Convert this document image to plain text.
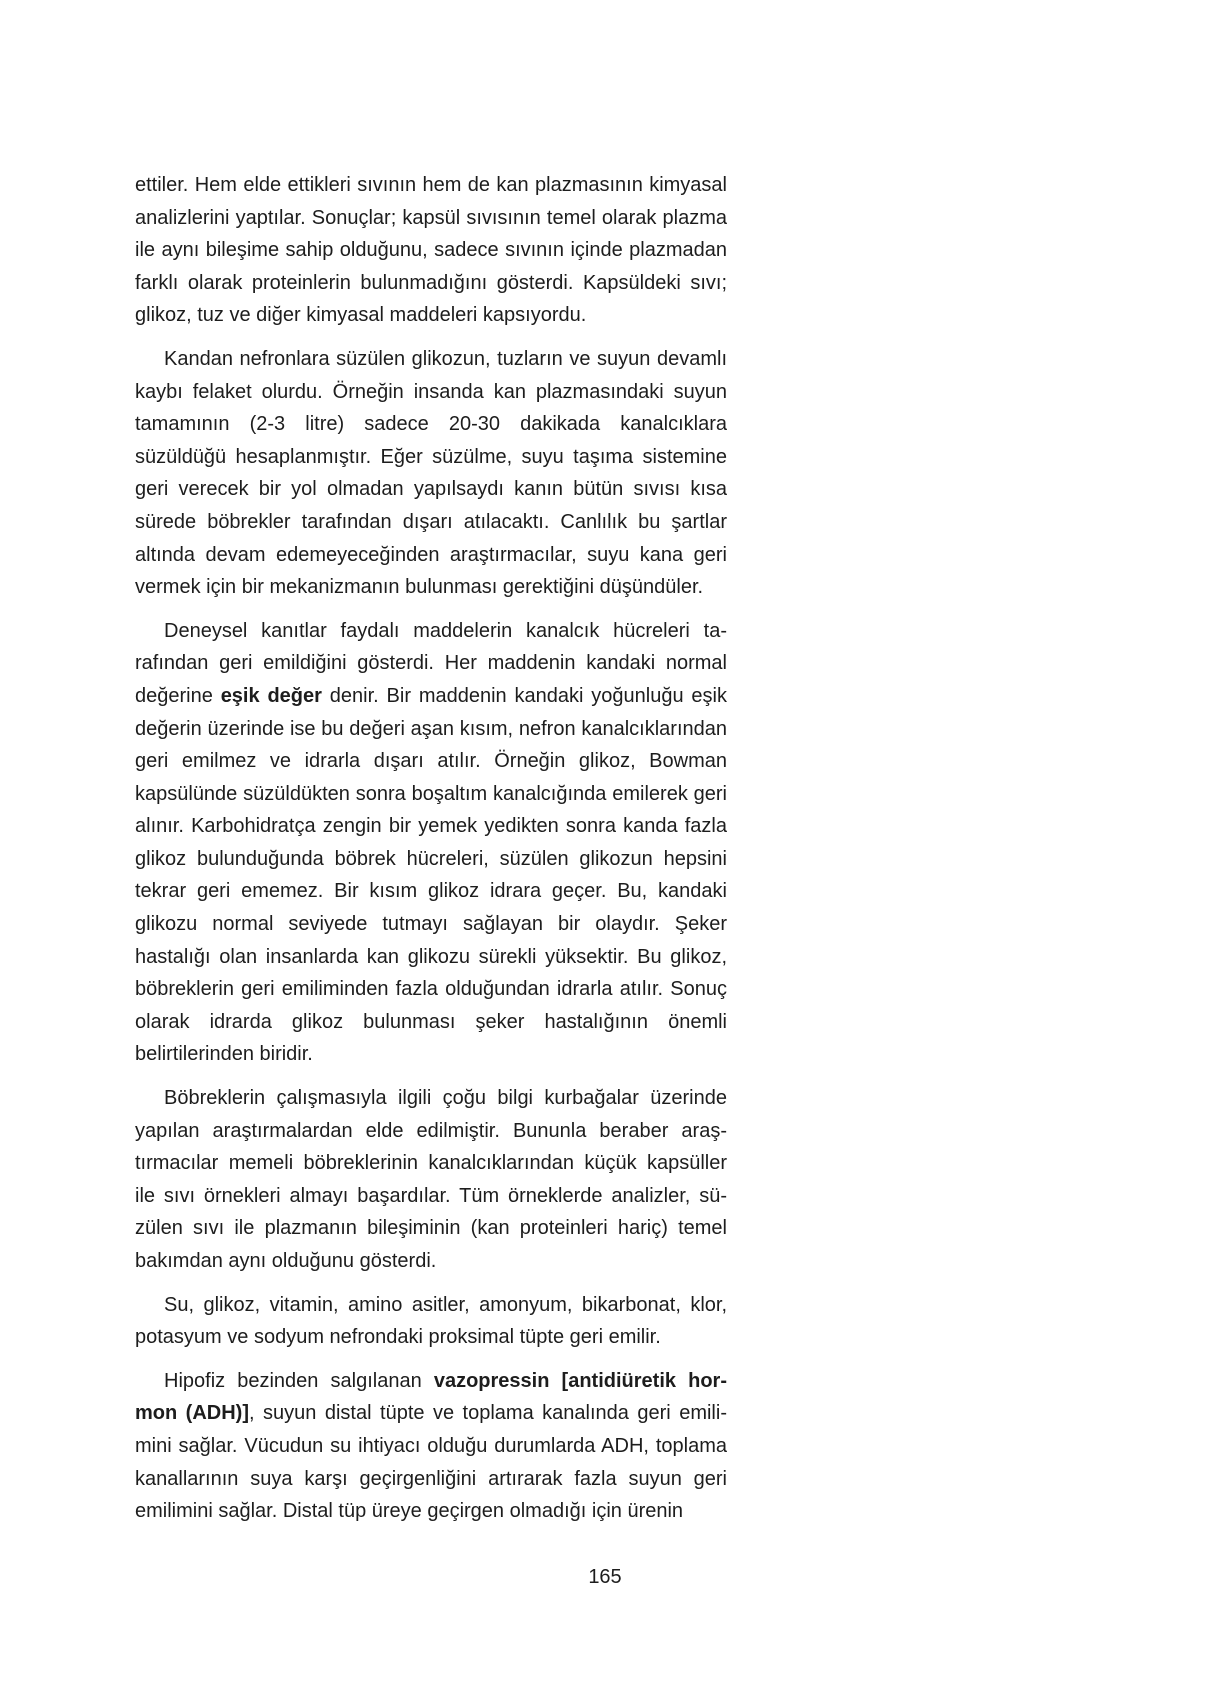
ettiler. Hem elde ettikleri sıvının hem de kan plazmasının kimyasal analizlerini yaptılar. Sonuçlar; kapsül sıvısının temel olarak plazma ile aynı bileşime sahip olduğunu, sadece sıvının içinde plazmadan farklı olarak proteinlerin bulunmadığını gösterdi. Kapsüldeki sıvı; glikoz, tuz ve diğer kimyasal maddeleri kapsıyordu.

Kandan nefronlara süzülen glikozun, tuzların ve suyun devamlı kaybı felaket olurdu. Örneğin insanda kan plazmasındaki suyun tamamının (2-3 litre) sadece 20-30 dakikada kanalcıklara süzüldüğü hesaplanmıştır. Eğer süzülme, suyu taşıma sistemine geri verecek bir yol olmadan yapılsaydı kanın bütün sıvısı kısa sürede böbrekler tarafından dışarı atılacaktı. Canlılık bu şartlar altında devam edemeyeceğinden araştırmacılar, suyu kana geri vermek için bir mekanizmanın bulunması gerektiğini düşündüler.

Deneysel kanıtlar faydalı maddelerin kanalcık hücreleri tarafından geri emildiğini gösterdi. Her maddenin kandaki normal değerine eşik değer denir. Bir maddenin kandaki yoğunluğu eşik değerin üzerinde ise bu değeri aşan kısım, nefron kanalcıklarından geri emilmez ve idrarla dışarı atılır. Örneğin glikoz, Bowman kapsülünde süzüldükten sonra boşaltım kanalcığında emilerek geri alınır. Karbohidratça zengin bir yemek yedikten sonra kanda fazla glikoz bulunduğunda böbrek hücreleri, süzülen glikozun hepsini tekrar geri ememez. Bir kısım glikoz idrara geçer. Bu, kandaki glikozu normal seviyede tutmayı sağlayan bir olaydır. Şeker hastalığı olan insanlarda kan glikozu sürekli yüksektir. Bu glikoz, böbreklerin geri emiliminden fazla olduğundan idrarla atılır. Sonuç olarak idrarda glikoz bulunması şeker hastalığının önemli belirtilerinden biridir.

Böbreklerin çalışmasıyla ilgili çoğu bilgi kurbağalar üzerinde yapılan araştırmalardan elde edilmiştir. Bununla beraber araştırmacılar memeli böbreklerinin kanalcıklarından küçük kapsüller ile sıvı örnekleri almayı başardılar. Tüm örneklerde analizler, süzülen sıvı ile plazmanın bileşiminin (kan proteinleri hariç) temel bakımdan aynı olduğunu gösterdi.

Su, glikoz, vitamin, amino asitler, amonyum, bikarbonat, klor, potasyum ve sodyum nefrondaki proksimal tüpte geri emilir.

Hipofiz bezinden salgılanan vazopressin [antidiüretik hormon (ADH)], suyun distal tüpte ve toplama kanalında geri emilimini sağlar. Vücudun su ihtiyacı olduğu durumlarda ADH, toplama kanallarının suya karşı geçirgenliğini artırarak fazla suyun geri emilimini sağlar. Distal tüp üreye geçirgen olmadığı için ürenin

165
